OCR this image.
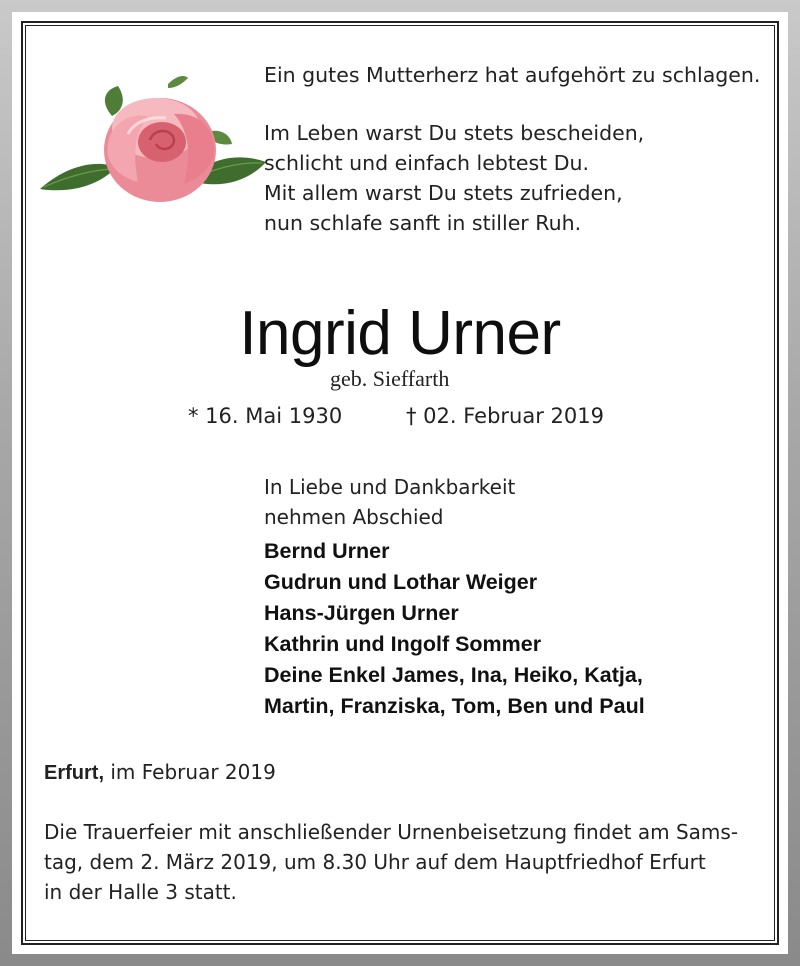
Ein gutes Mutterherz hat aufgehört zu schlagen.

Im Leben warst Du stets bescheiden,

schlicht und einfach lebtest Du.

Mit allem warst Du stets zufrieden,

nun schlafe sanft in stiller Ruh.

Ingrid Urner
geb. Sieffarth
* 16. Mai 1930	† 02. Februar 2019

In Liebe und Dankbarkeit

nehmen Abschied

Bernd Urner

Gudrun und Lothar Weiger

Hans-Jürgen Urner

Kathrin und Ingolf Sommer

Deine Enkel James, Ina, Heiko, Katja,

Martin, Franziska, Tom, Ben und Paul

Erfurt, im Februar 2019

Die Trauerfeier mit anschließender Urnenbeisetzung findet am Sams-

tag, dem 2. März 2019, um 8.30 Uhr auf dem Hauptfriedhof Erfurt

in der Halle 3 statt.
